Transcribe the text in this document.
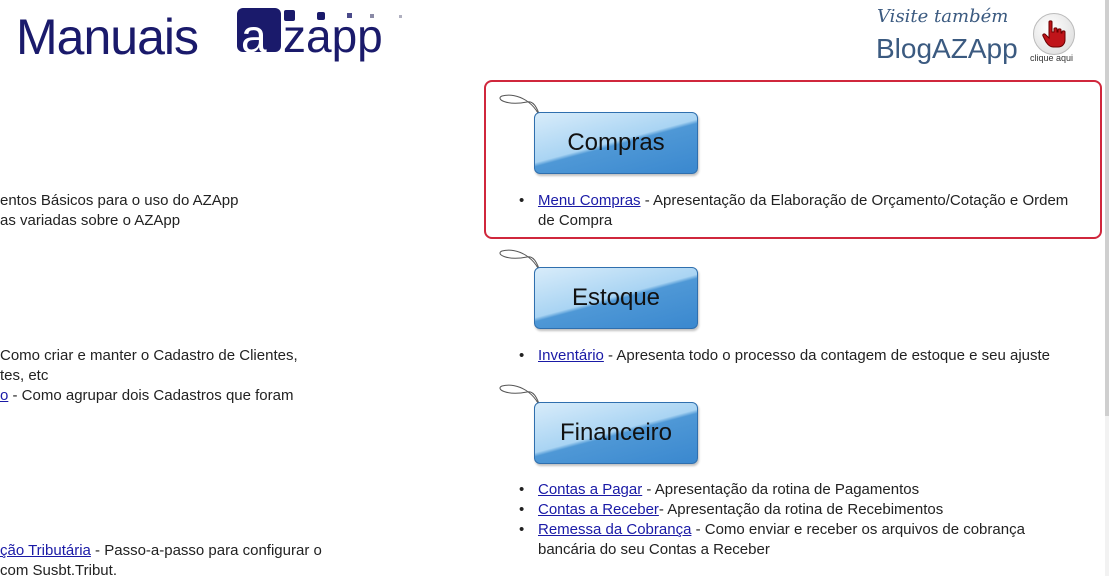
Manuais a zapp	Visite também
BlogAZApp clique aqui
entos Básicos para o uso do AZApp
as variadas sobre o AZApp
Como criar e manter o Cadastro de Clientes,
tes, etc
o - Como agrupar dois Cadastros que foram
ção Tributária - Passo-a-passo para configurar o
com Susbt.Tribut.
Compras
• Menu Compras - Apresentação da Elaboração de Orçamento/Cotação e Ordem
de Compra
Estoque
• Inventário - Apresenta todo o processo da contagem de estoque e seu ajuste
Financeiro
• Contas a Pagar - Apresentação da rotina de Pagamentos
• Contas a Receber- Apresentação da rotina de Recebimentos
• Remessa da Cobrança - Como enviar e receber os arquivos de cobrança
bancária do seu Contas a Receber
